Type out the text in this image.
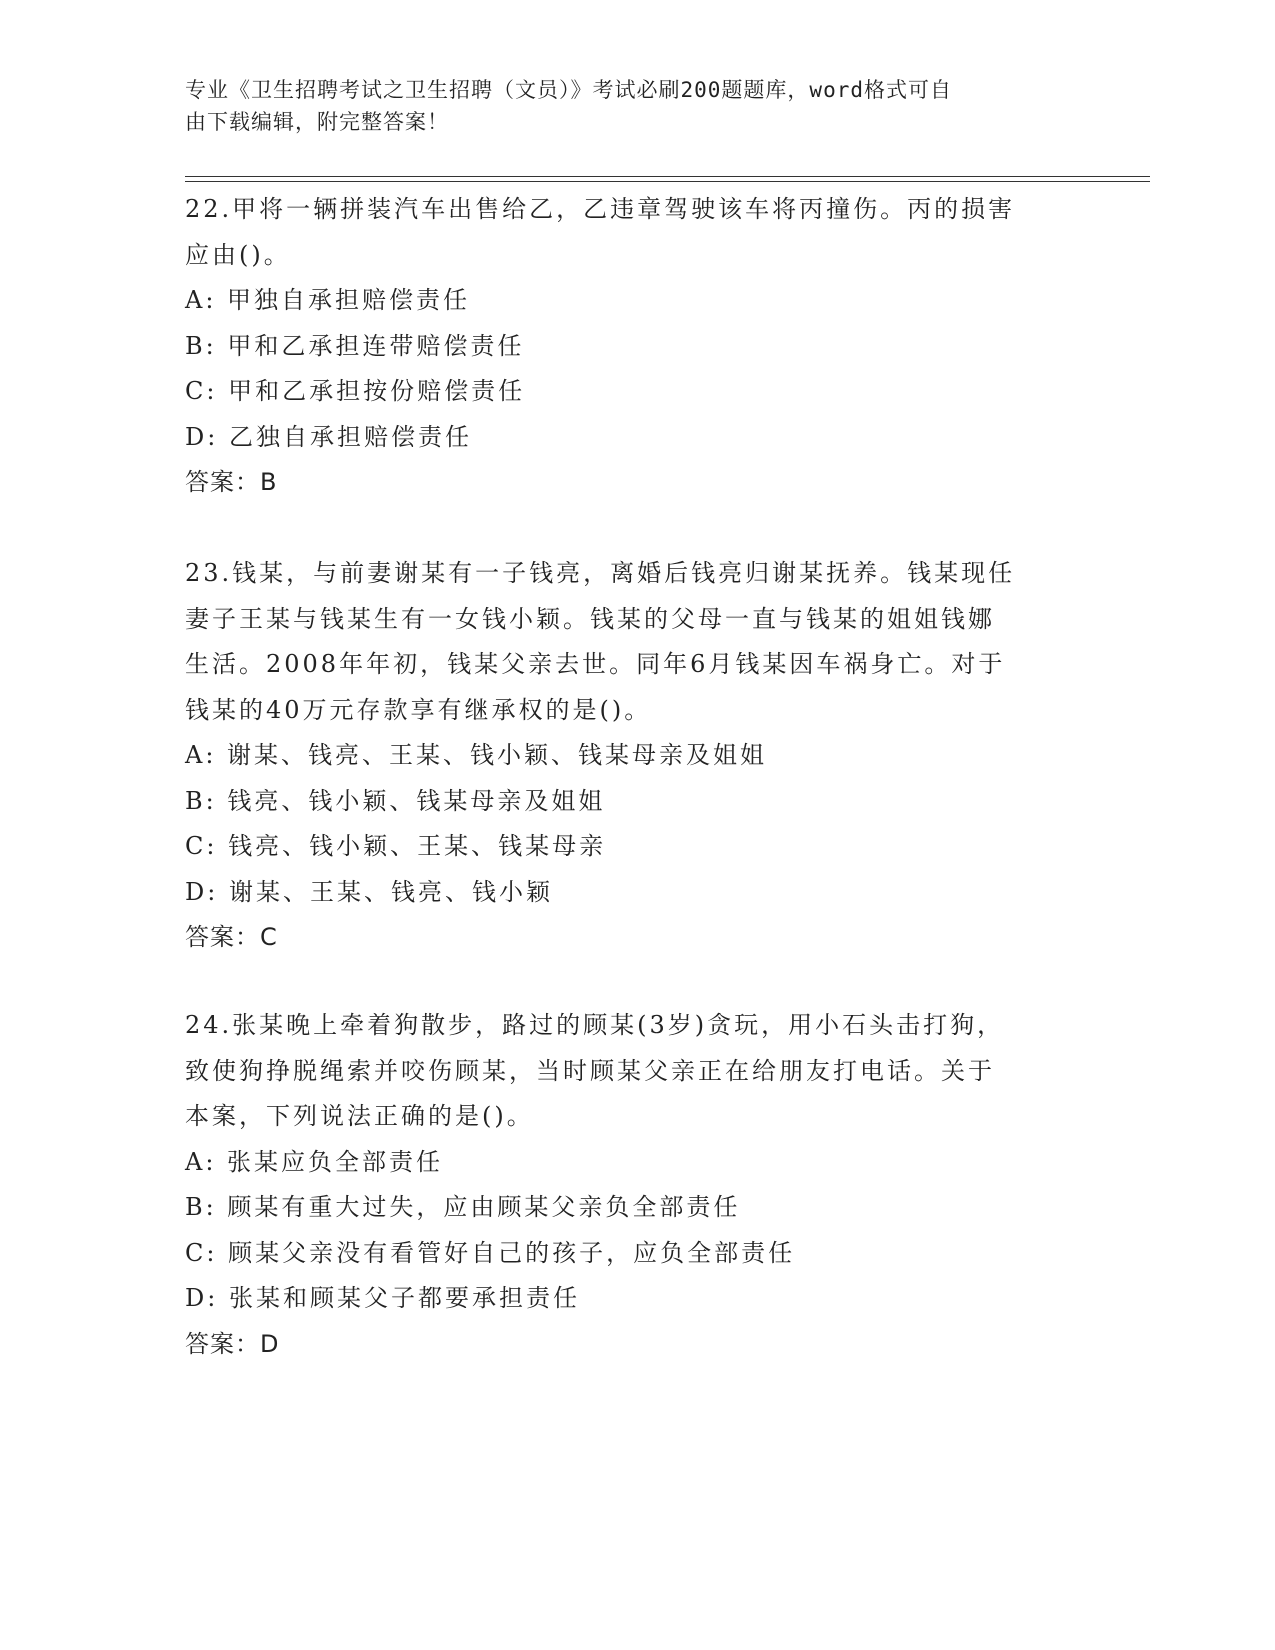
专业《卫生招聘考试之卫生招聘（文员）》考试必刷200题题库，word格式可自

由下载编辑，附完整答案！

22.甲将一辆拼装汽车出售给乙，乙违章驾驶该车将丙撞伤。丙的损害
应由()。

A: 甲独自承担赔偿责任

B: 甲和乙承担连带赔偿责任

C: 甲和乙承担按份赔偿责任

D: 乙独自承担赔偿责任

答案：B

23.钱某，与前妻谢某有一子钱亮，离婚后钱亮归谢某抚养。钱某现任
妻子王某与钱某生有一女钱小颖。钱某的父母一直与钱某的姐姐钱娜
生活。2008年年初，钱某父亲去世。同年6月钱某因车祸身亡。对于
钱某的40万元存款享有继承权的是()。

A: 谢某、钱亮、王某、钱小颖、钱某母亲及姐姐

B: 钱亮、钱小颖、钱某母亲及姐姐

C: 钱亮、钱小颖、王某、钱某母亲

D: 谢某、王某、钱亮、钱小颖

答案：C

24.张某晚上牵着狗散步，路过的顾某(3岁)贪玩，用小石头击打狗，
致使狗挣脱绳索并咬伤顾某，当时顾某父亲正在给朋友打电话。关于
本案，下列说法正确的是()。

A: 张某应负全部责任

B: 顾某有重大过失，应由顾某父亲负全部责任

C: 顾某父亲没有看管好自己的孩子，应负全部责任

D: 张某和顾某父子都要承担责任

答案：D
